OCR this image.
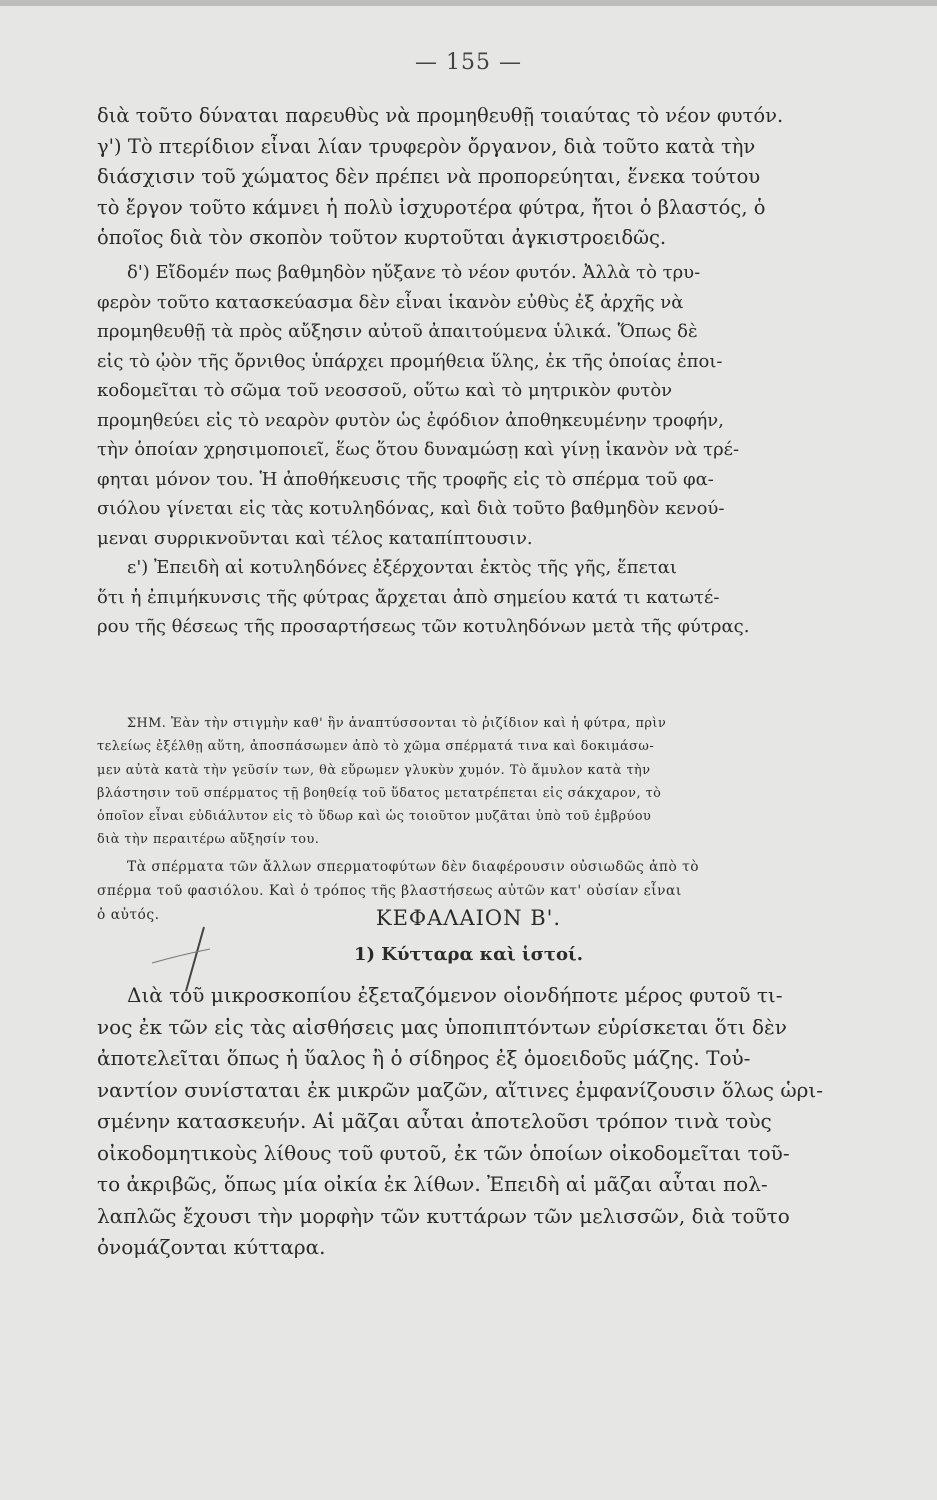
— 155 —
διὰ τοῦτο δύναται παρευθὺς νὰ προμηθευθῇ τοιαύτας τὸ νέον φυτόν.
γ') Τὸ πτερίδιον εἶναι λίαν τρυφερὸν ὄργανον, διὰ τοῦτο κατὰ τὴν
διάσχισιν τοῦ χώματος δὲν πρέπει νὰ προπορεύηται, ἕνεκα τούτου
τὸ ἔργον τοῦτο κάμνει ἡ πολὺ ἰσχυροτέρα φύτρα, ἤτοι ὁ βλαστός, ὁ
ὁποῖος διὰ τὸν σκοπὸν τοῦτον κυρτοῦται ἀγκιστροειδῶς.
δ') Εἴδομέν πως βαθμηδὸν ηὔξανε τὸ νέον φυτόν. Ἀλλὰ τὸ τρυ-
φερὸν τοῦτο κατασκεύασμα δὲν εἶναι ἱκανὸν εὐθὺς ἐξ ἀρχῆς νὰ
προμηθευθῇ τὰ πρὸς αὔξησιν αὐτοῦ ἀπαιτούμενα ὑλικά. Ὅπως δὲ
εἰς τὸ ᾠὸν τῆς ὄρνιθος ὑπάρχει προμήθεια ὕλης, ἐκ τῆς ὁποίας ἐποι-
κοδομεῖται τὸ σῶμα τοῦ νεοσσοῦ, οὕτω καὶ τὸ μητρικὸν φυτὸν
προμηθεύει εἰς τὸ νεαρὸν φυτὸν ὡς ἐφόδιον ἀποθηκευμένην τροφήν,
τὴν ὁποίαν χρησιμοποιεῖ, ἕως ὅτου δυναμώσῃ καὶ γίνῃ ἱκανὸν νὰ τρέ-
φηται μόνον του. Ἡ ἀποθήκευσις τῆς τροφῆς εἰς τὸ σπέρμα τοῦ φα-
σιόλου γίνεται εἰς τὰς κοτυληδόνας, καὶ διὰ τοῦτο βαθμηδὸν κενού-
μεναι συρρικνοῦνται καὶ τέλος καταπίπτουσιν.
ε') Ἐπειδὴ αἱ κοτυληδόνες ἐξέρχονται ἐκτὸς τῆς γῆς, ἕπεται
ὅτι ἡ ἐπιμήκυνσις τῆς φύτρας ἄρχεται ἀπὸ σημείου κατά τι κατωτέ-
ρου τῆς θέσεως τῆς προσαρτήσεως τῶν κοτυληδόνων μετὰ τῆς φύτρας.
ΣΗΜ. Ἐὰν τὴν στιγμὴν καθ' ἣν ἀναπτύσσονται τὸ ῥιζίδιον καὶ ἡ φύτρα, πρὶν
τελείως ἐξέλθῃ αὕτη, ἀποσπάσωμεν ἀπὸ τὸ χῶμα σπέρματά τινα καὶ δοκιμάσω-
μεν αὐτὰ κατὰ τὴν γεῦσίν των, θὰ εὕρωμεν γλυκὺν χυμόν. Τὸ ἄμυλον κατὰ τὴν
βλάστησιν τοῦ σπέρματος τῇ βοηθείᾳ τοῦ ὕδατος μετατρέπεται εἰς σάκχαρον, τὸ
ὁποῖον εἶναι εὐδιάλυτον εἰς τὸ ὕδωρ καὶ ὡς τοιοῦτον μυζᾶται ὑπὸ τοῦ ἐμβρύου
διὰ τὴν περαιτέρω αὔξησίν του.
Τὰ σπέρματα τῶν ἄλλων σπερματοφύτων δὲν διαφέρουσιν οὐσιωδῶς ἀπὸ τὸ
σπέρμα τοῦ φασιόλου. Καὶ ὁ τρόπος τῆς βλαστήσεως αὐτῶν κατ' οὐσίαν εἶναι
ὁ αὐτός.	ΚΕΦΑΛΑΙΟΝ Β'.
1) Κύτταρα καὶ ἱστοί.
Διὰ τοῦ μικροσκοπίου ἐξεταζόμενον οἱονδήποτε μέρος φυτοῦ τι-
νος ἐκ τῶν εἰς τὰς αἰσθήσεις μας ὑποπιπτόντων εὑρίσκεται ὅτι δὲν
ἀποτελεῖται ὅπως ἡ ὕαλος ἢ ὁ σίδηρος ἐξ ὁμοειδοῦς μάζης. Τοὐ-
ναντίον συνίσταται ἐκ μικρῶν μαζῶν, αἵτινες ἐμφανίζουσιν ὅλως ὡρι-
σμένην κατασκευήν. Αἱ μᾶζαι αὗται ἀποτελοῦσι τρόπον τινὰ τοὺς
οἰκοδομητικοὺς λίθους τοῦ φυτοῦ, ἐκ τῶν ὁποίων οἰκοδομεῖται τοῦ-
το ἀκριβῶς, ὅπως μία οἰκία ἐκ λίθων. Ἐπειδὴ αἱ μᾶζαι αὗται πολ-
λαπλῶς ἔχουσι τὴν μορφὴν τῶν κυττάρων τῶν μελισσῶν, διὰ τοῦτο
ὀνομάζονται κύτταρα.
